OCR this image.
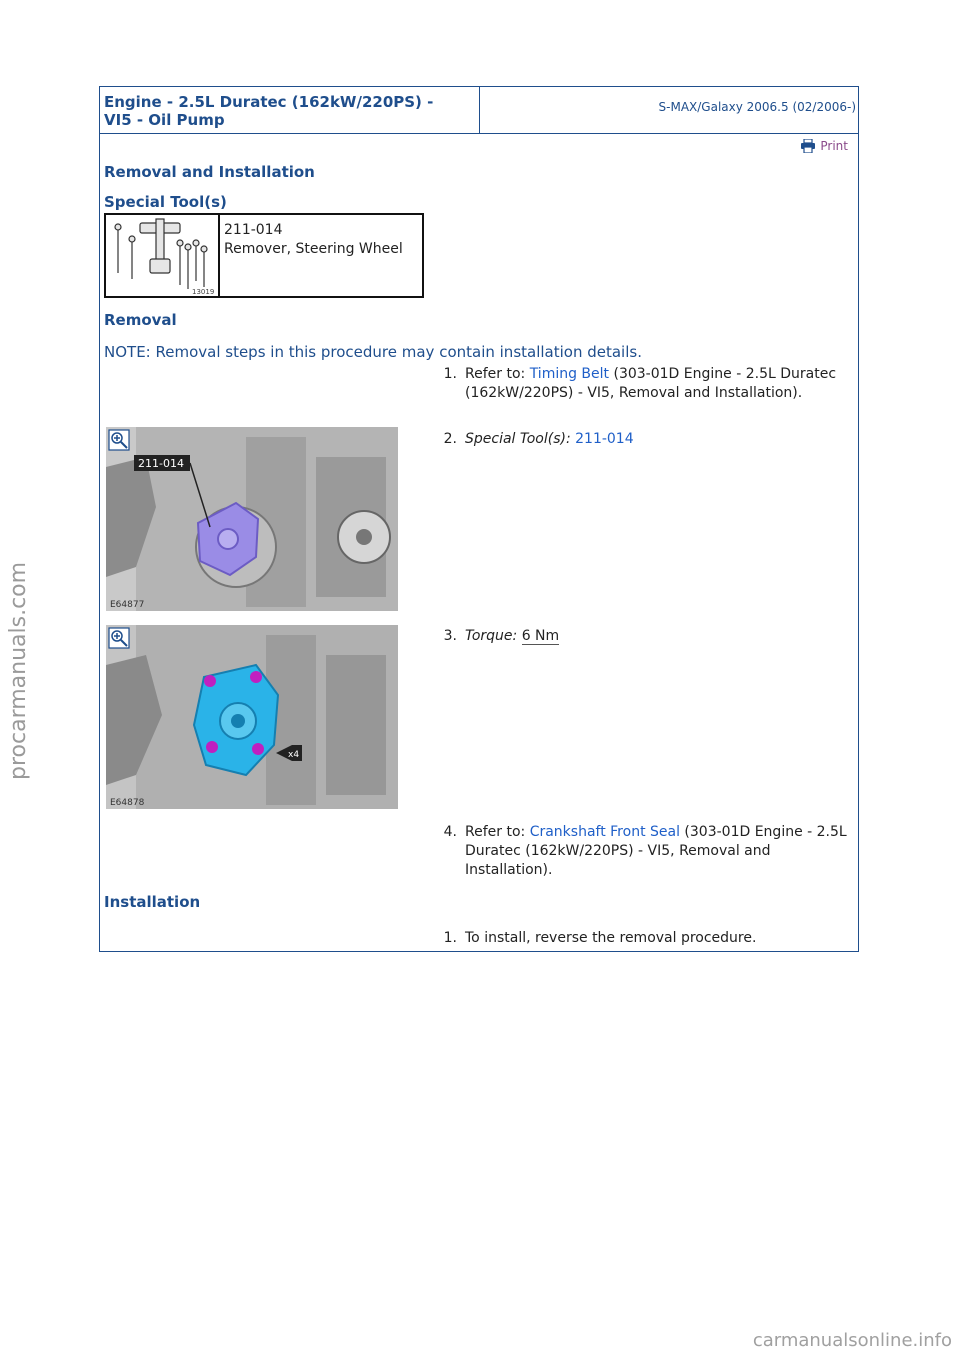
Engine - 2.5L Duratec (162kW/220PS) -
VI5 - Oil Pump
S-MAX/Galaxy 2006.5 (02/2006-)
Print
Removal and Installation
Special Tool(s)
13019
211-014
Remover, Steering Wheel
Removal
NOTE: Removal steps in this procedure may contain installation details.
1. Refer to: Timing Belt (303-01D Engine - 2.5L Duratec (162kW/220PS) - VI5, Removal and Installation).
211-014
E64877
2. Special Tool(s): 211-014
x4
E64878
3. Torque: 6 Nm
4. Refer to: Crankshaft Front Seal (303-01D Engine - 2.5L Duratec (162kW/220PS) - VI5, Removal and Installation).
Installation
1. To install, reverse the removal procedure.
procarmanuals.com
carmanualsonline.info
